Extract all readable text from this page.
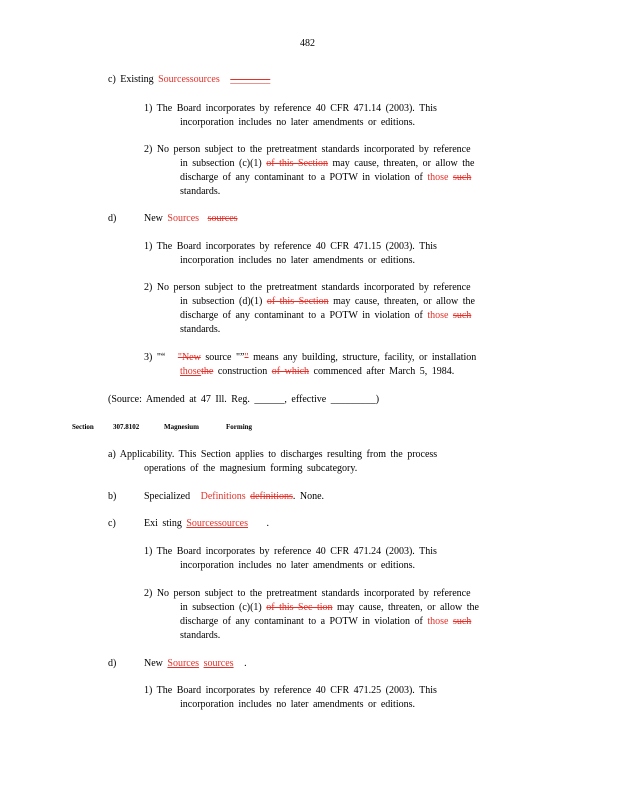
482
c) Existing Sourcessources ________
1) The Board incorporates by reference 40 CFR 471.14 (2003). This
incorporation includes no later amendments or editions.
2) No person subject to the pretreatment standards incorporated by reference
in subsection (c)(1) of this Section may cause, threaten, or allow the
discharge of any contaminant to a POTW in violation of those such
standards.
d)	New Sources sources
1) The Board incorporates by reference 40 CFR 471.15 (2003). This
incorporation includes no later amendments or editions.
2) No person subject to the pretreatment standards incorporated by reference
in subsection (d)(1) of this Section may cause, threaten, or allow the
discharge of any contaminant to a POTW in violation of those such
standards.
3) "“ "New source "”" means any building, structure, facility, or installation
thosethe construction of which commenced after March 5, 1984.
(Source: Amended at 47 Ill. Reg. ______, effective _________)
Section	307.8102	Magnesium	Forming
a) Applicability. This Section applies to discharges resulting from the process
operations of the magnesium forming subcategory.
b)	Specialized Definitions definitions. None.
c)	Exi sting Sourcessources .
1) The Board incorporates by reference 40 CFR 471.24 (2003). This
incorporation includes no later amendments or editions.
2) No person subject to the pretreatment standards incorporated by reference
in subsection (c)(1) of this Sec tion may cause, threaten, or allow the
discharge of any contaminant to a POTW in violation of those such
standards.
d)	New Sources sources .
1) The Board incorporates by reference 40 CFR 471.25 (2003). This
incorporation includes no later amendments or editions.
